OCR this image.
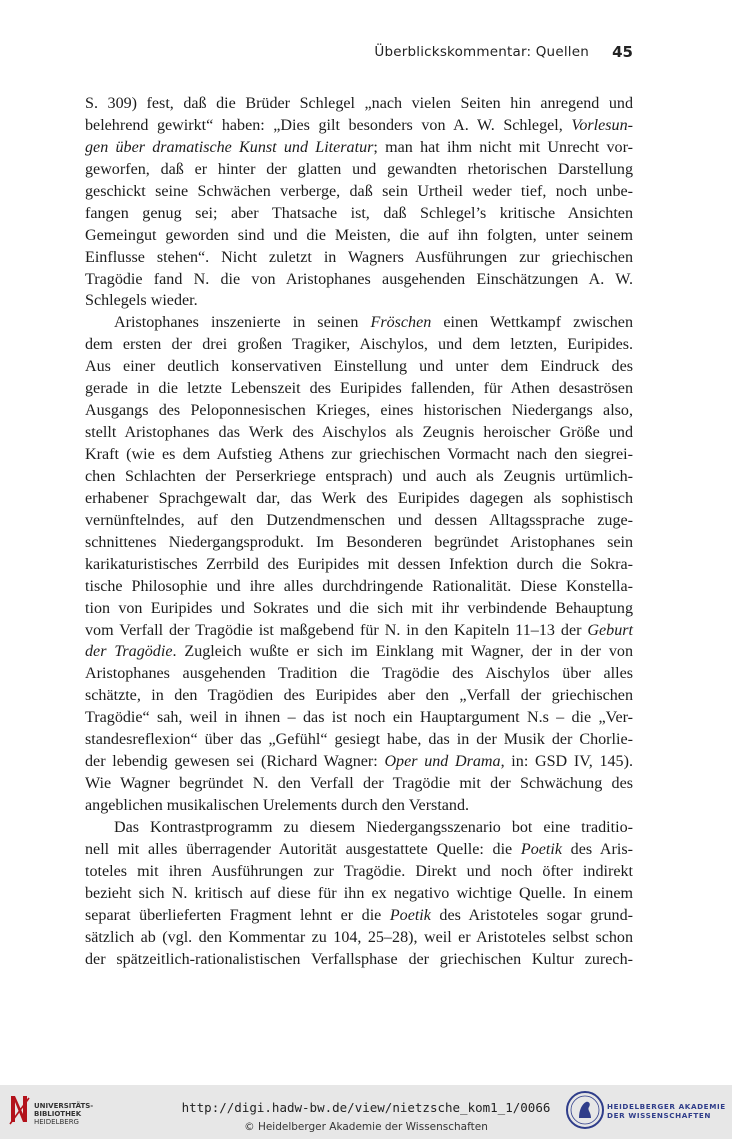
Überblickskommentar: Quellen 45
S. 309) fest, daß die Brüder Schlegel „nach vielen Seiten hin anregend und
belehrend gewirkt“ haben: „Dies gilt besonders von A. W. Schlegel, Vorlesun-
gen über dramatische Kunst und Literatur; man hat ihm nicht mit Unrecht vor-
geworfen, daß er hinter der glatten und gewandten rhetorischen Darstellung
geschickt seine Schwächen verberge, daß sein Urtheil weder tief, noch unbe-
fangen genug sei; aber Thatsache ist, daß Schlegel’s kritische Ansichten
Gemeingut geworden sind und die Meisten, die auf ihn folgten, unter seinem
Einflusse stehen“. Nicht zuletzt in Wagners Ausführungen zur griechischen
Tragödie fand N. die von Aristophanes ausgehenden Einschätzungen A. W.
Schlegels wieder.
Aristophanes inszenierte in seinen Fröschen einen Wettkampf zwischen
dem ersten der drei großen Tragiker, Aischylos, und dem letzten, Euripides.
Aus einer deutlich konservativen Einstellung und unter dem Eindruck des
gerade in die letzte Lebenszeit des Euripides fallenden, für Athen desaströsen
Ausgangs des Peloponnesischen Krieges, eines historischen Niedergangs also,
stellt Aristophanes das Werk des Aischylos als Zeugnis heroischer Größe und
Kraft (wie es dem Aufstieg Athens zur griechischen Vormacht nach den siegrei-
chen Schlachten der Perserkriege entsprach) und auch als Zeugnis urtümlich-
erhabener Sprachgewalt dar, das Werk des Euripides dagegen als sophistisch
vernünftelndes, auf den Dutzendmenschen und dessen Alltagssprache zuge-
schnittenes Niedergangsprodukt. Im Besonderen begründet Aristophanes sein
karikaturistisches Zerrbild des Euripides mit dessen Infektion durch die Sokra-
tische Philosophie und ihre alles durchdringende Rationalität. Diese Konstella-
tion von Euripides und Sokrates und die sich mit ihr verbindende Behauptung
vom Verfall der Tragödie ist maßgebend für N. in den Kapiteln 11–13 der Geburt
der Tragödie. Zugleich wußte er sich im Einklang mit Wagner, der in der von
Aristophanes ausgehenden Tradition die Tragödie des Aischylos über alles
schätzte, in den Tragödien des Euripides aber den „Verfall der griechischen
Tragödie“ sah, weil in ihnen – das ist noch ein Hauptargument N.s – die „Ver-
standesreflexion“ über das „Gefühl“ gesiegt habe, das in der Musik der Chorlie-
der lebendig gewesen sei (Richard Wagner: Oper und Drama, in: GSD IV, 145).
Wie Wagner begründet N. den Verfall der Tragödie mit der Schwächung des
angeblichen musikalischen Urelements durch den Verstand.
Das Kontrastprogramm zu diesem Niedergangsszenario bot eine traditio-
nell mit alles überragender Autorität ausgestattete Quelle: die Poetik des Aris-
toteles mit ihren Ausführungen zur Tragödie. Direkt und noch öfter indirekt
bezieht sich N. kritisch auf diese für ihn ex negativo wichtige Quelle. In einem
separat überlieferten Fragment lehnt er die Poetik des Aristoteles sogar grund-
sätzlich ab (vgl. den Kommentar zu 104, 25–28), weil er Aristoteles selbst schon
der spätzeitlich-rationalistischen Verfallsphase der griechischen Kultur zurech-
UNIVERSITÄTS-
BIBLIOTHEK
HEIDELBERG
http://digi.hadw-bw.de/view/nietzsche_kom1_1/0066
© Heidelberger Akademie der Wissenschaften
HEIDELBERGER AKADEMIE
DER WISSENSCHAFTEN
